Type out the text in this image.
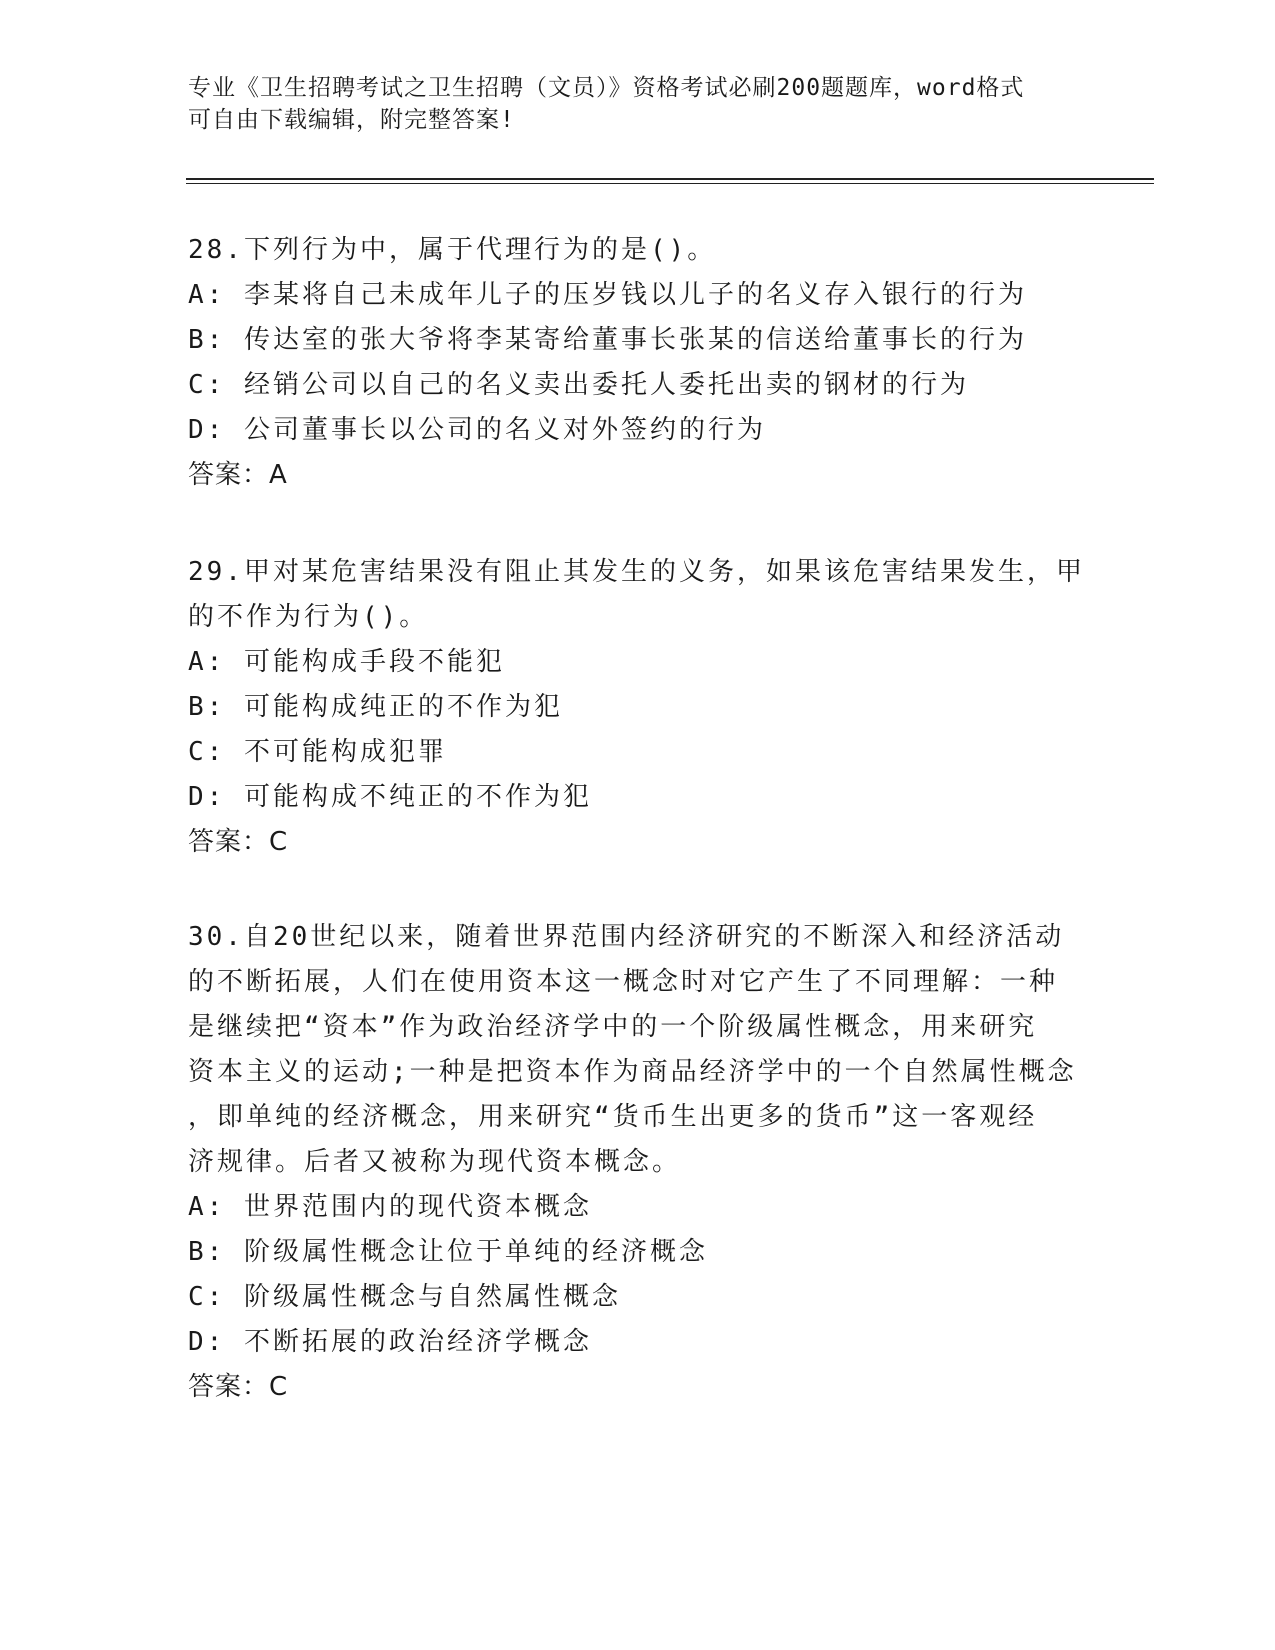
专业《卫生招聘考试之卫生招聘（文员）》资格考试必刷200题题库，word格式
可自由下载编辑，附完整答案!
28.下列行为中，属于代理行为的是()。
A: 李某将自己未成年儿子的压岁钱以儿子的名义存入银行的行为
B: 传达室的张大爷将李某寄给董事长张某的信送给董事长的行为
C: 经销公司以自己的名义卖出委托人委托出卖的钢材的行为
D: 公司董事长以公司的名义对外签约的行为
答案：A
29.甲对某危害结果没有阻止其发生的义务，如果该危害结果发生，甲
的不作为行为()。
A: 可能构成手段不能犯
B: 可能构成纯正的不作为犯
C: 不可能构成犯罪
D: 可能构成不纯正的不作为犯
答案：C
30.自20世纪以来，随着世界范围内经济研究的不断深入和经济活动
的不断拓展，人们在使用资本这一概念时对它产生了不同理解：一种
是继续把“资本”作为政治经济学中的一个阶级属性概念，用来研究
资本主义的运动;一种是把资本作为商品经济学中的一个自然属性概念
，即单纯的经济概念，用来研究“货币生出更多的货币”这一客观经
济规律。后者又被称为现代资本概念。
A: 世界范围内的现代资本概念
B: 阶级属性概念让位于单纯的经济概念
C: 阶级属性概念与自然属性概念
D: 不断拓展的政治经济学概念
答案：C
